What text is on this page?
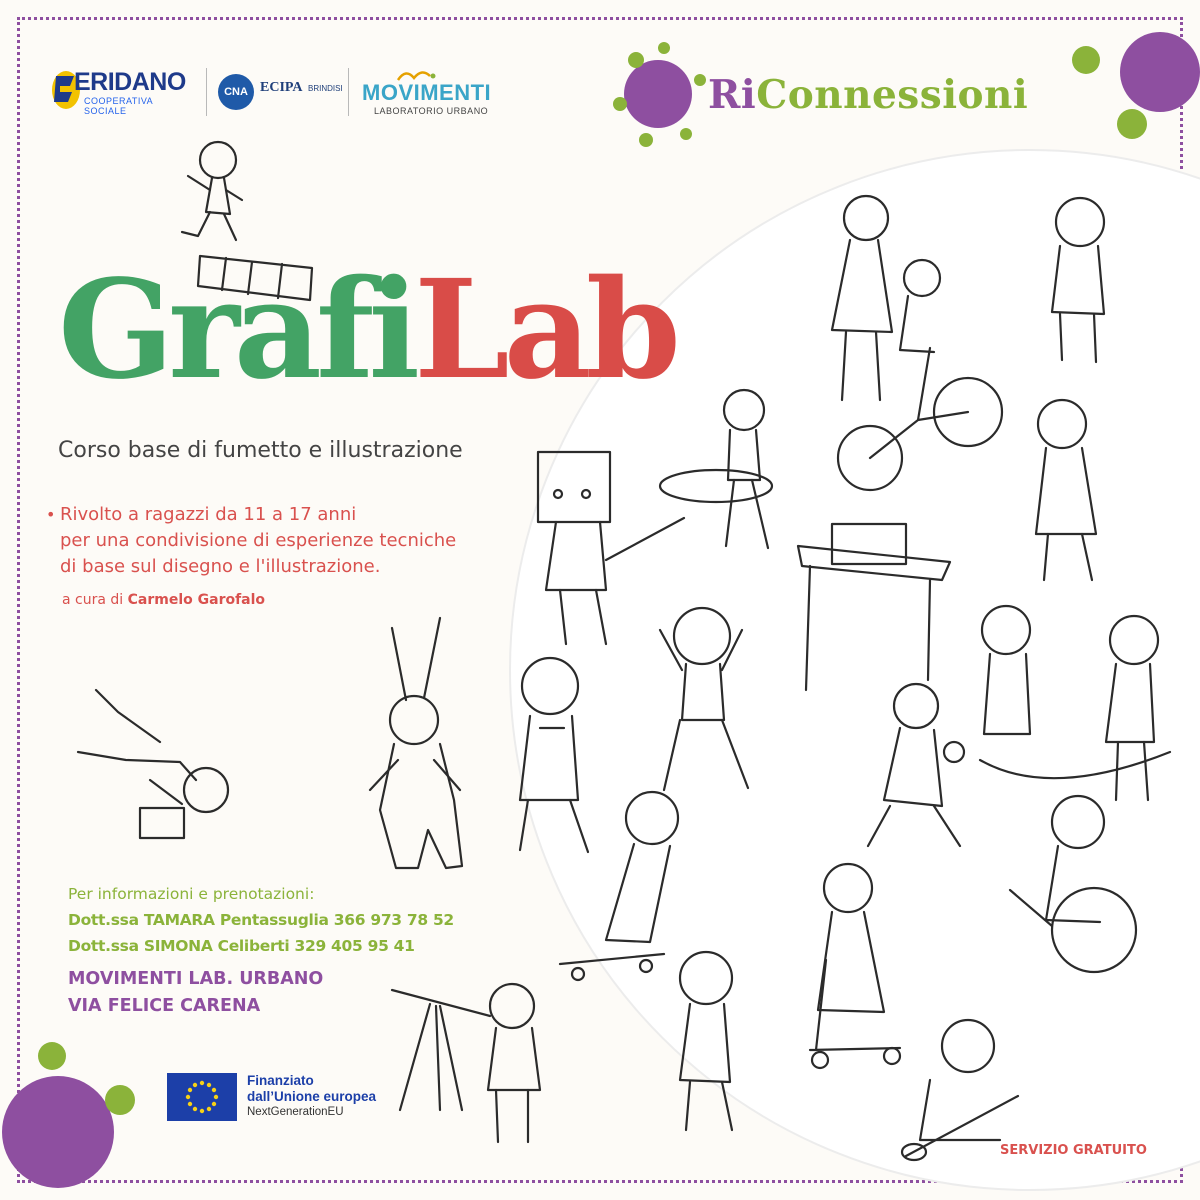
ERIDANO
COOPERATIVA SOCIALE
CNA ECIPA BRINDISI MOVIMENTI
LABORATORIO URBANO	RiConnessioni
GrafiLab
Corso base di fumetto e illustrazione
• Rivolto a ragazzi da 11 a 17 anni
per una condivisione di esperienze tecniche
di base sul disegno e l'illustrazione.
a cura di Carmelo Garofalo
Per informazioni e prenotazioni:
Dott.ssa TAMARA Pentassuglia 366 973 78 52
Dott.ssa SIMONA Celiberti 329 405 95 41
MOVIMENTI LAB. URBANO
VIA FELICE CARENA
Finanziato
dall’Unione europea
NextGenerationEU
SERVIZIO GRATUITO
